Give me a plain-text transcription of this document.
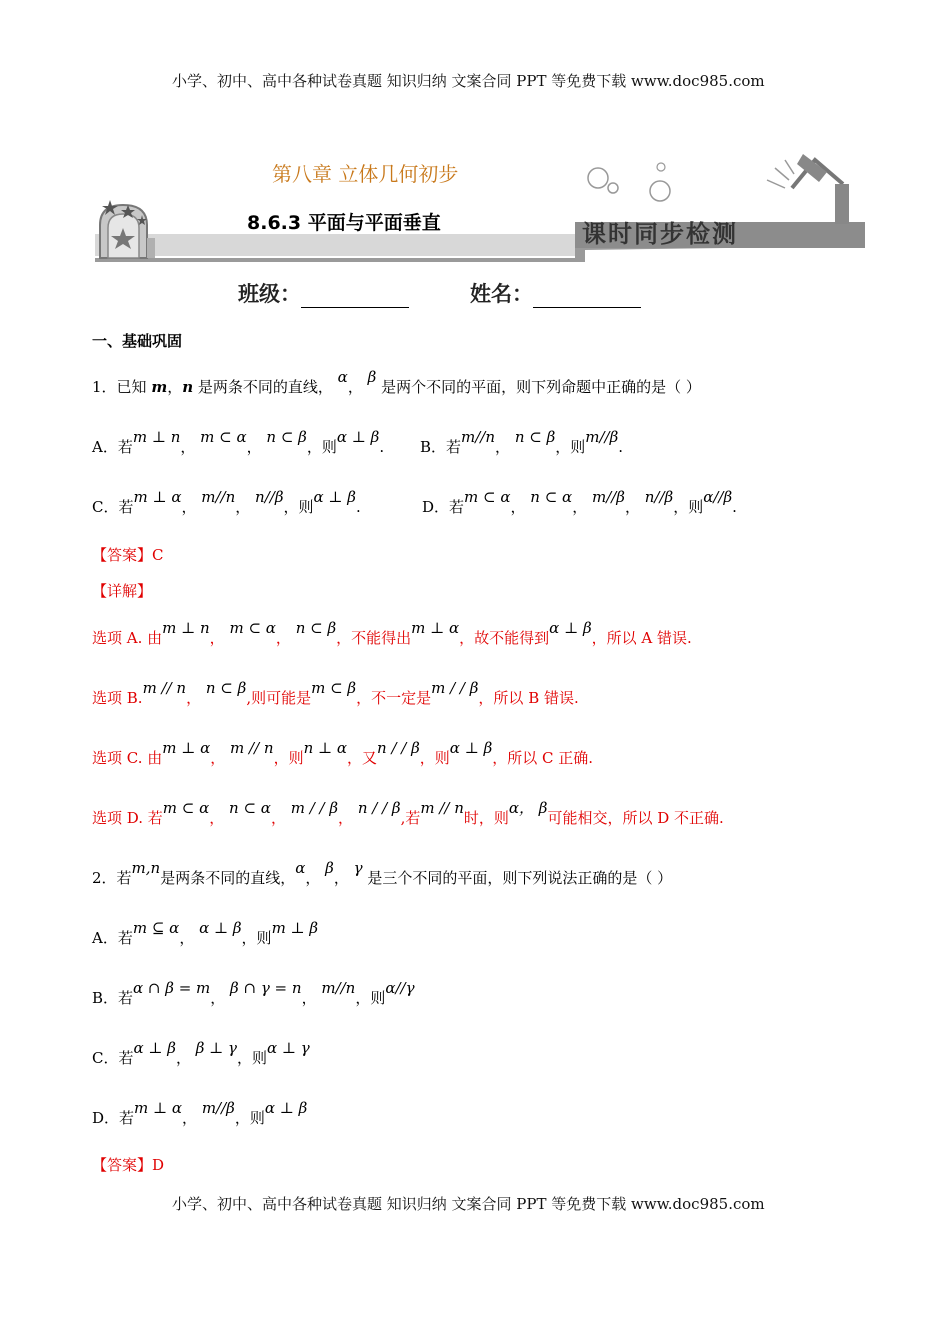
小学、初中、高中各种试卷真题 知识归纳 文案合同 PPT 等免费下载 www.doc985.com
小学、初中、高中各种试卷真题 知识归纳 文案合同 PPT 等免费下载 www.doc985.com
第八章 立体几何初步
8.6.3 平面与平面垂直	课时同步检测
班级：	姓名：
一、基础巩固
1．已知 m，n 是两条不同的直线， α， β 是两个不同的平面，则下列命题中正确的是（ ）
A．若m ⊥ n， m ⊂ α， n ⊂ β，则α ⊥ β. B．若m//n， n ⊂ β，则m//β.
C．若m ⊥ α， m//n， n//β，则α ⊥ β.	D．若m ⊂ α， n ⊂ α， m//β， n//β，则α//β.
【答案】C
【详解】
选项 A. 由m ⊥ n， m ⊂ α， n ⊂ β，不能得出m ⊥ α，故不能得到α ⊥ β，所以 A 错误.
选项 B.m // n， n ⊂ β,则可能是m ⊂ β，不一定是m / / β，所以 B 错误.
选项 C. 由m ⊥ α， m // n，则n ⊥ α，又n / / β，则α ⊥ β，所以 C 正确.
选项 D. 若m ⊂ α， n ⊂ α， m / / β， n / / β,若m // n时，则α， β可能相交，所以 D 不正确.
2．若m,n是两条不同的直线，α， β， γ 是三个不同的平面，则下列说法正确的是（ ）
A．若m ⊆ α， α ⊥ β，则m ⊥ β
B．若α ∩ β = m， β ∩ γ = n， m//n，则α//γ
C．若α ⊥ β， β ⊥ γ，则α ⊥ γ
D．若m ⊥ α， m//β，则α ⊥ β
【答案】D
